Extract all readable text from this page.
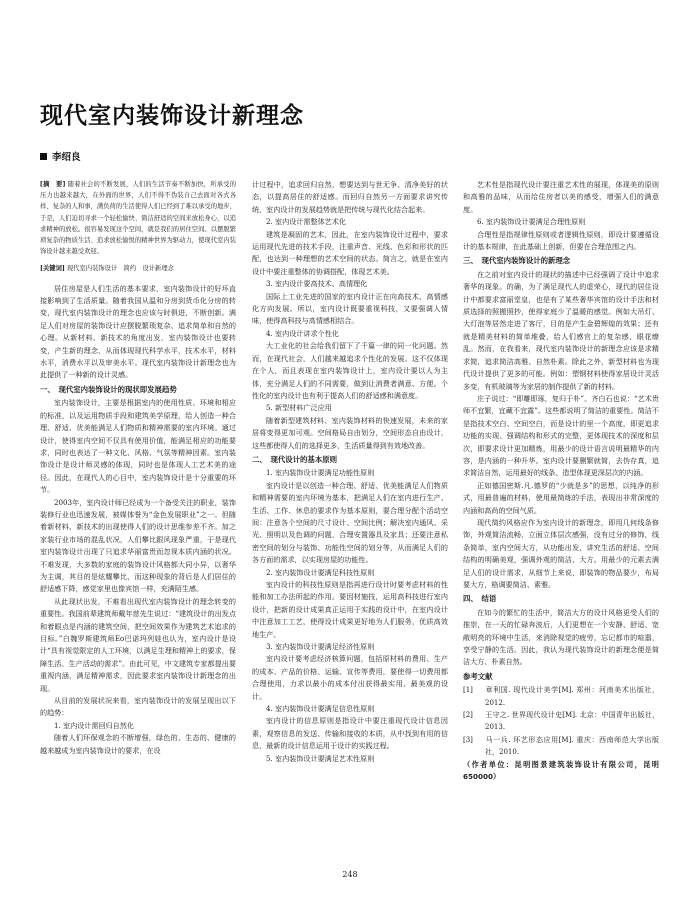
现代室内装饰设计新理念
李绍良

[摘　要] 随着社会的不断发展，人们的生活节奏不断加快，所承受的压力也越来越大，在外面的世界，人们不得不伪装自己去面对各式各样、复杂的人和事，满负荷的生活使得人们已经到了难以承受的地步，于是，人们迫切寻求一个轻松愉快、简洁舒适的空间来放松身心，以追求精神的放松。很容易发现这个空间，就是我们的居住空间。以摆脱繁琐复杂的物质生活、追求放松愉悦的精神世界为驱动力，使现代室内装饰设计越来越受欢迎。

[关键词] 现代室内装饰设计　简约　设计新理念

居住房屋是人们生活的基本要求，室内装饰设计的好坏直接影响到了生活质量。随着我国从温和分房到货币化分房的转变，现代室内装饰设计的理念也应该与时俱进，不断创新。满足人们对房屋的装饰设计应摆脱繁琐复杂、追求简单和自然的心理。从新材料、新技术的角度出发，室内装饰设计也要转变，产生新的理念，从而体现现代科学水平，技术水平，材料水平，消费水平以及审美水平。现代室内装饰设计新理念也为此提供了一种新的设计灵感。

一、　现代室内装饰设计的现状即发展趋势

室内装饰设计，主要是根据室内的使用性质、环境和相应的标准，以及运用物质手段和建筑美学原理，给人创造一种合理、舒适、优美能满足人们物质和精神需要的室内环境。通过设计，使得室内空间不仅具有使用价值，能满足相应的功能要求，同时也表达了一种文化、风格、气氛等精神因素。室内装饰设计是设计师灵感的体现，同时也是体现人工艺术美的途径。因此，在现代人的心目中，室内装饰设计是十分重要的环节。

2003年，室内设计师已经成为一个备受关注的职业，装饰装修行业也迅速发展，被媒体誉为“金色发展职业”之一。但随着新材料、新技术的出现使得人们的设计思维参差不齐。加之家装行业市场的混乱状况，人们攀比跟风现象严重，于是现代室内装饰设计出现了只追求华丽富贵而忽视本质内涵的状况。不难发现，大多数的家庭的装饰设计风格都大同小异，以奢华为主调，其目的是炫耀攀比，而这种现象的背后是人们居住的舒适感下降，感觉家里也像宾馆一样，充满陌生感。

从此现状出发，不难看出现代室内装饰设计的理念转变的重要性。我国前辈建筑师戴年慈先生说过：“建筑设计的出发点和着眼点是内涵的建筑空间，把空间效果作为建筑艺术追求的目标。”白魏罗斯建筑师Eo巴诺玛列娃也认为，室内设计是设计“具有视觉限定的人工环境，以满足生理和精神上的要求，保障生活、生产活动的需求”。由此可见，中文建筑专家都提出要重视内涵，满足精神需求，因此要求室内装饰设计新理念的出现。

从目前的发展状况来看，室内装饰设计的发展呈现出以下的趋势：

1. 室内设计需回归自然化

随着人们环保观念的不断增强，绿色的、生态的、健康的越来越成为室内装饰设计的要求，在设

计过程中，追求回归自然，想要达到与世无争、清净美好的状态，以提高居住的舒适感。而回归自然另一方面要求讲究传统，室内设计的发展趋势就是把传统与现代化结合起来。

2. 室内设计需整体艺术化

建筑是凝固的艺术，因此，在室内装饰设计过程中，要求运用现代先进的技术手段，注重声音、光线、色彩和形状的匹配，也达到一种理想的艺术空间的状态。简言之，就是在室内设计中要注重整体的协调搭配，体现艺术美。

3. 室内设计要高技术、高情理化

国际上工业先进的国家的室内设计正在向高技术、高情感化方向发展。所以，室内设计既要重视科技，又要强调人情味，使得高科技与高情感相结合。

4. 室内设计讲求个性化

大工业化的社会给我们留下了千篇一律的同一化问题。然而，在现代社会，人们越来越追求个性化的发展。这不仅体现在个人，而且表现在室内装饰设计上，室内设计要以人为主体，充分满足人们的不同需要，做到让消费者满意、方便。个性化的室内设计也有利于提高人们的舒适感和满意度。

5. 新型材料广泛应用

随着新型建筑材料、室内装饰材料的快速发展，未来的家居将变得更加可观。空间格局自由划分，空间形态自由设计，这些都使得人们的选择更多，生活质量得到有效地改善。

二、　现代设计的基本原则
1. 室内装饰设计要满足功能性原则

室内设计是以创造一种合理、舒适、优美能满足人们物质和精神需要的室内环境为基本，把满足人们在室内进行生产、生活、工作、休息的要求作为基本原则，要合理分配个活动空间：注意各个空间的尺寸设计、空间比例；解决室内通风、采光、照明以及色调的问题，合理安置器具及家具；还要注意私密空间的划分与装饰、功能性空间的划分等，从而满足人们的各方面的需求，以实现房屋的功能性。

2. 室内装饰设计要满足科技性原则

室内设计的科技性原则是指再进行设计时要考虑材料的性能和加工办法所起的作用。要因材施技，运用高科技进行室内设计，把新的设计成果真正运用于实践的设计中，在室内设计中注意加工工艺，使得设计成果更好地为人们服务，优质高效地生产。

3. 室内装饰设计要满足经济性原则

室内设计要考虑经济核算问题，包括原材料的费用、生产的成本、产品的价格、运输、宣传等费用，要使得一切费用都合理使用，力求以最小的成本付出获得最实用、最美观的设计。

4. 室内装饰设计要满足信息性原则

室内设计的信息原则是指设计中要注重现代设计信息因素，观察信息的发送、传输和接收的本质，从中找到有用的信息，最新的设计信息运用于设计的实践过程。

5. 室内装饰设计要满足艺术性原则

艺术性是指现代设计要注重艺术性的展现，体现美的原则和高雅的品味，从而给住房者以美的感受，增强人们的满意度。

6. 室内装饰设计要满足合理性原则

合理性是指规律性原则或者逻辑性原则，即设计要遵循设计的基本规律，在此基础上创新，但要在合理范围之内。

三、　现代室内装饰设计的新理念

在之前对室内设计的现状的描述中已经强调了设计中追求奢华的现象。的确，为了满足现代人的虚荣心，现代的居住设计中都要求富丽堂皇，也是有了某些奢华宾馆的设计手法和材质选择的照搬照抄，使得家庭少了温暖的感觉。例如大吊灯、大灯泡等居然走进了客厅，目的是产生金碧辉煌的效果；还有就是精美材料的简单堆叠，给人们感官上的复杂感、眼花缭乱。然而，在我看来，现代室内装饰设计的新理念应该是求精求简，追求简洁高雅、自然朴素。除此之外，新型材料也为现代设计提供了更多的可能。例如：塑钢材料使得家居设计灵活多变，有机玻璃等为家居的制作提供了新的材料。

庄子说过：“即雕即琢，复归于朴”。齐白石也说：“艺术贵师不宜繁，宜藏不宜露”。这些都说明了简洁的重要性。简洁不是指技术空白、空间空白，而是设计的里一个高度，即更追求功能的实现、强调结构和形式的完整，更体现技术的深度和层次，即要求设计更加精炼，用最少的设计语言说明最精华的内容，是内涵的一种升华。室内设计要删繁就简，去伪存真，追求简洁自然，运用最好的线条、造型体现更深层次的内涵。

正如德国密斯.凡.德罗的“少就是多”的思想，以纯净的形式，用最普遍的材料，使用最简练的手法，表现出非常深度的内涵和高尚的空间气质。

现代简约风格应作为室内设计的新理念，即用几何线条修饰，外观简洁流畅，立面立体层次感强，没有过分的修饰，线条简单，室内空间大方，从功能出发，讲究生活的舒适、空间结构的明确美观，强调外观的简洁、大方。用最少的元素去满足人们的设计需求，从细节上来说，即装饰的物品要少，布局要大方，格调要简洁、素雅。

四、　结语

在如今的繁忙的生活中，简洁大方的设计风格更受人们的推崇，在一天的忙碌奔波后，人们更想在一个安静、舒适、宽敞明亮的环境中生活，来消除视觉的疲劳，忘记都市的喧嚣，享受宁静的生活。因此，我认为现代装饰设计的新理念便是简洁大方、朴素自然。

参考文献

[1] 章利国. 现代设计美学[M]. 郑州：河南美术出版社，2012.

[2] 王守之. 世界现代设计史[M]. 北京：中国青年出版社，2013.

[3] 马一兵. 环艺形态应用[M]. 重庆：西南师范大学出版社，2010.

（作者单位：昆明图景建筑装饰设计有限公司，昆明 650000）

248
